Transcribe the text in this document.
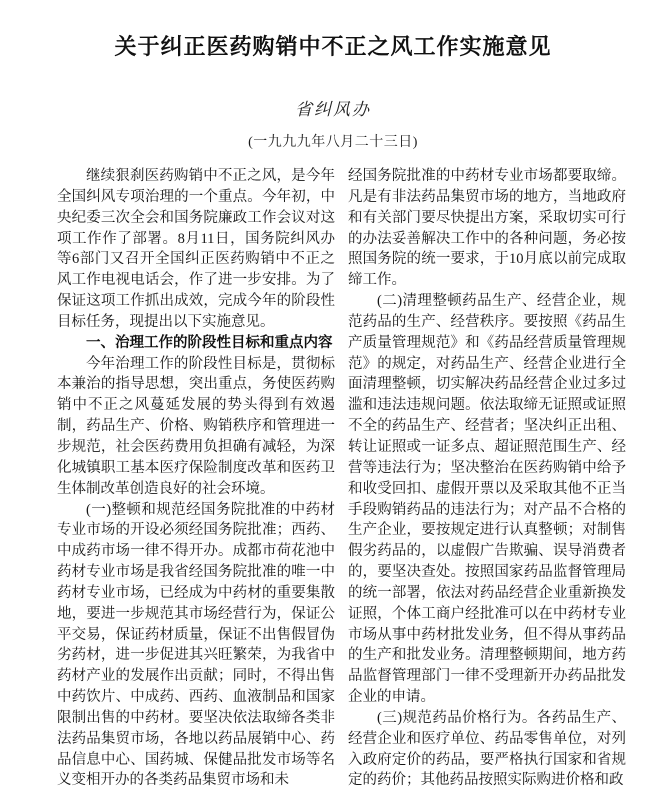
关于纠正医药购销中不正之风工作实施意见
省纠风办
(一九九九年八月二十三日)

继续狠刹医药购销中不正之风，是今年全国纠风专项治理的一个重点。今年初，中央纪委三次全会和国务院廉政工作会议对这项工作作了部署。8月11日，国务院纠风办等6部门又召开全国纠正医药购销中不正之风工作电视电话会，作了进一步安排。为了保证这项工作抓出成效，完成今年的阶段性目标任务，现提出以下实施意见。

一、治理工作的阶段性目标和重点内容

今年治理工作的阶段性目标是，贯彻标本兼治的指导思想，突出重点，务使医药购销中不正之风蔓延发展的势头得到有效遏制，药品生产、价格、购销秩序和管理进一步规范，社会医药费用负担确有减轻，为深化城镇职工基本医疗保险制度改革和医药卫生体制改革创造良好的社会环境。

(一)整顿和规范经国务院批准的中药材专业市场的开设必须经国务院批准；西药、中成药市场一律不得开办。成都市荷花池中药材专业市场是我省经国务院批准的唯一中药材专业市场，已经成为中药材的重要集散地，要进一步规范其市场经营行为，保证公平交易，保证药材质量，保证不出售假冒伪劣药材，进一步促进其兴旺繁荣，为我省中药材产业的发展作出贡献；同时，不得出售中药饮片、中成药、西药、血液制品和国家限制出售的中药材。要坚决依法取缔各类非法药品集贸市场，各地以药品展销中心、药品信息中心、国药城、保健品批发市场等名义变相开办的各类药品集贸市场和未

经国务院批准的中药材专业市场都要取缔。凡是有非法药品集贸市场的地方，当地政府和有关部门要尽快提出方案，采取切实可行的办法妥善解决工作中的各种问题，务必按照国务院的统一要求，于10月底以前完成取缔工作。

(二)清理整顿药品生产、经营企业，规范药品的生产、经营秩序。要按照《药品生产质量管理规范》和《药品经营质量管理规范》的规定，对药品生产、经营企业进行全面清理整顿，切实解决药品经营企业过多过滥和违法违规问题。依法取缔无证照或证照不全的药品生产、经营者；坚决纠正出租、转让证照或一证多点、超证照范围生产、经营等违法行为；坚决整治在医药购销中给予和收受回扣、虚假开票以及采取其他不正当手段购销药品的违法行为；对产品不合格的生产企业，要按规定进行认真整顿；对制售假劣药品的，以虚假广告欺骗、误导消费者的，要坚决查处。按照国家药品监督管理局的统一部署，依法对药品经营企业重新换发证照，个体工商户经批准可以在中药材专业市场从事中药材批发业务，但不得从事药品的生产和批发业务。清理整顿期间，地方药品监督管理部门一律不受理新开办药品批发企业的申请。

(三)规范药品价格行为。各药品生产、经营企业和医疗单位、药品零售单位，对列入政府定价的药品，要严格执行国家和省规定的药价；其他药品按照实际购进价格和政
